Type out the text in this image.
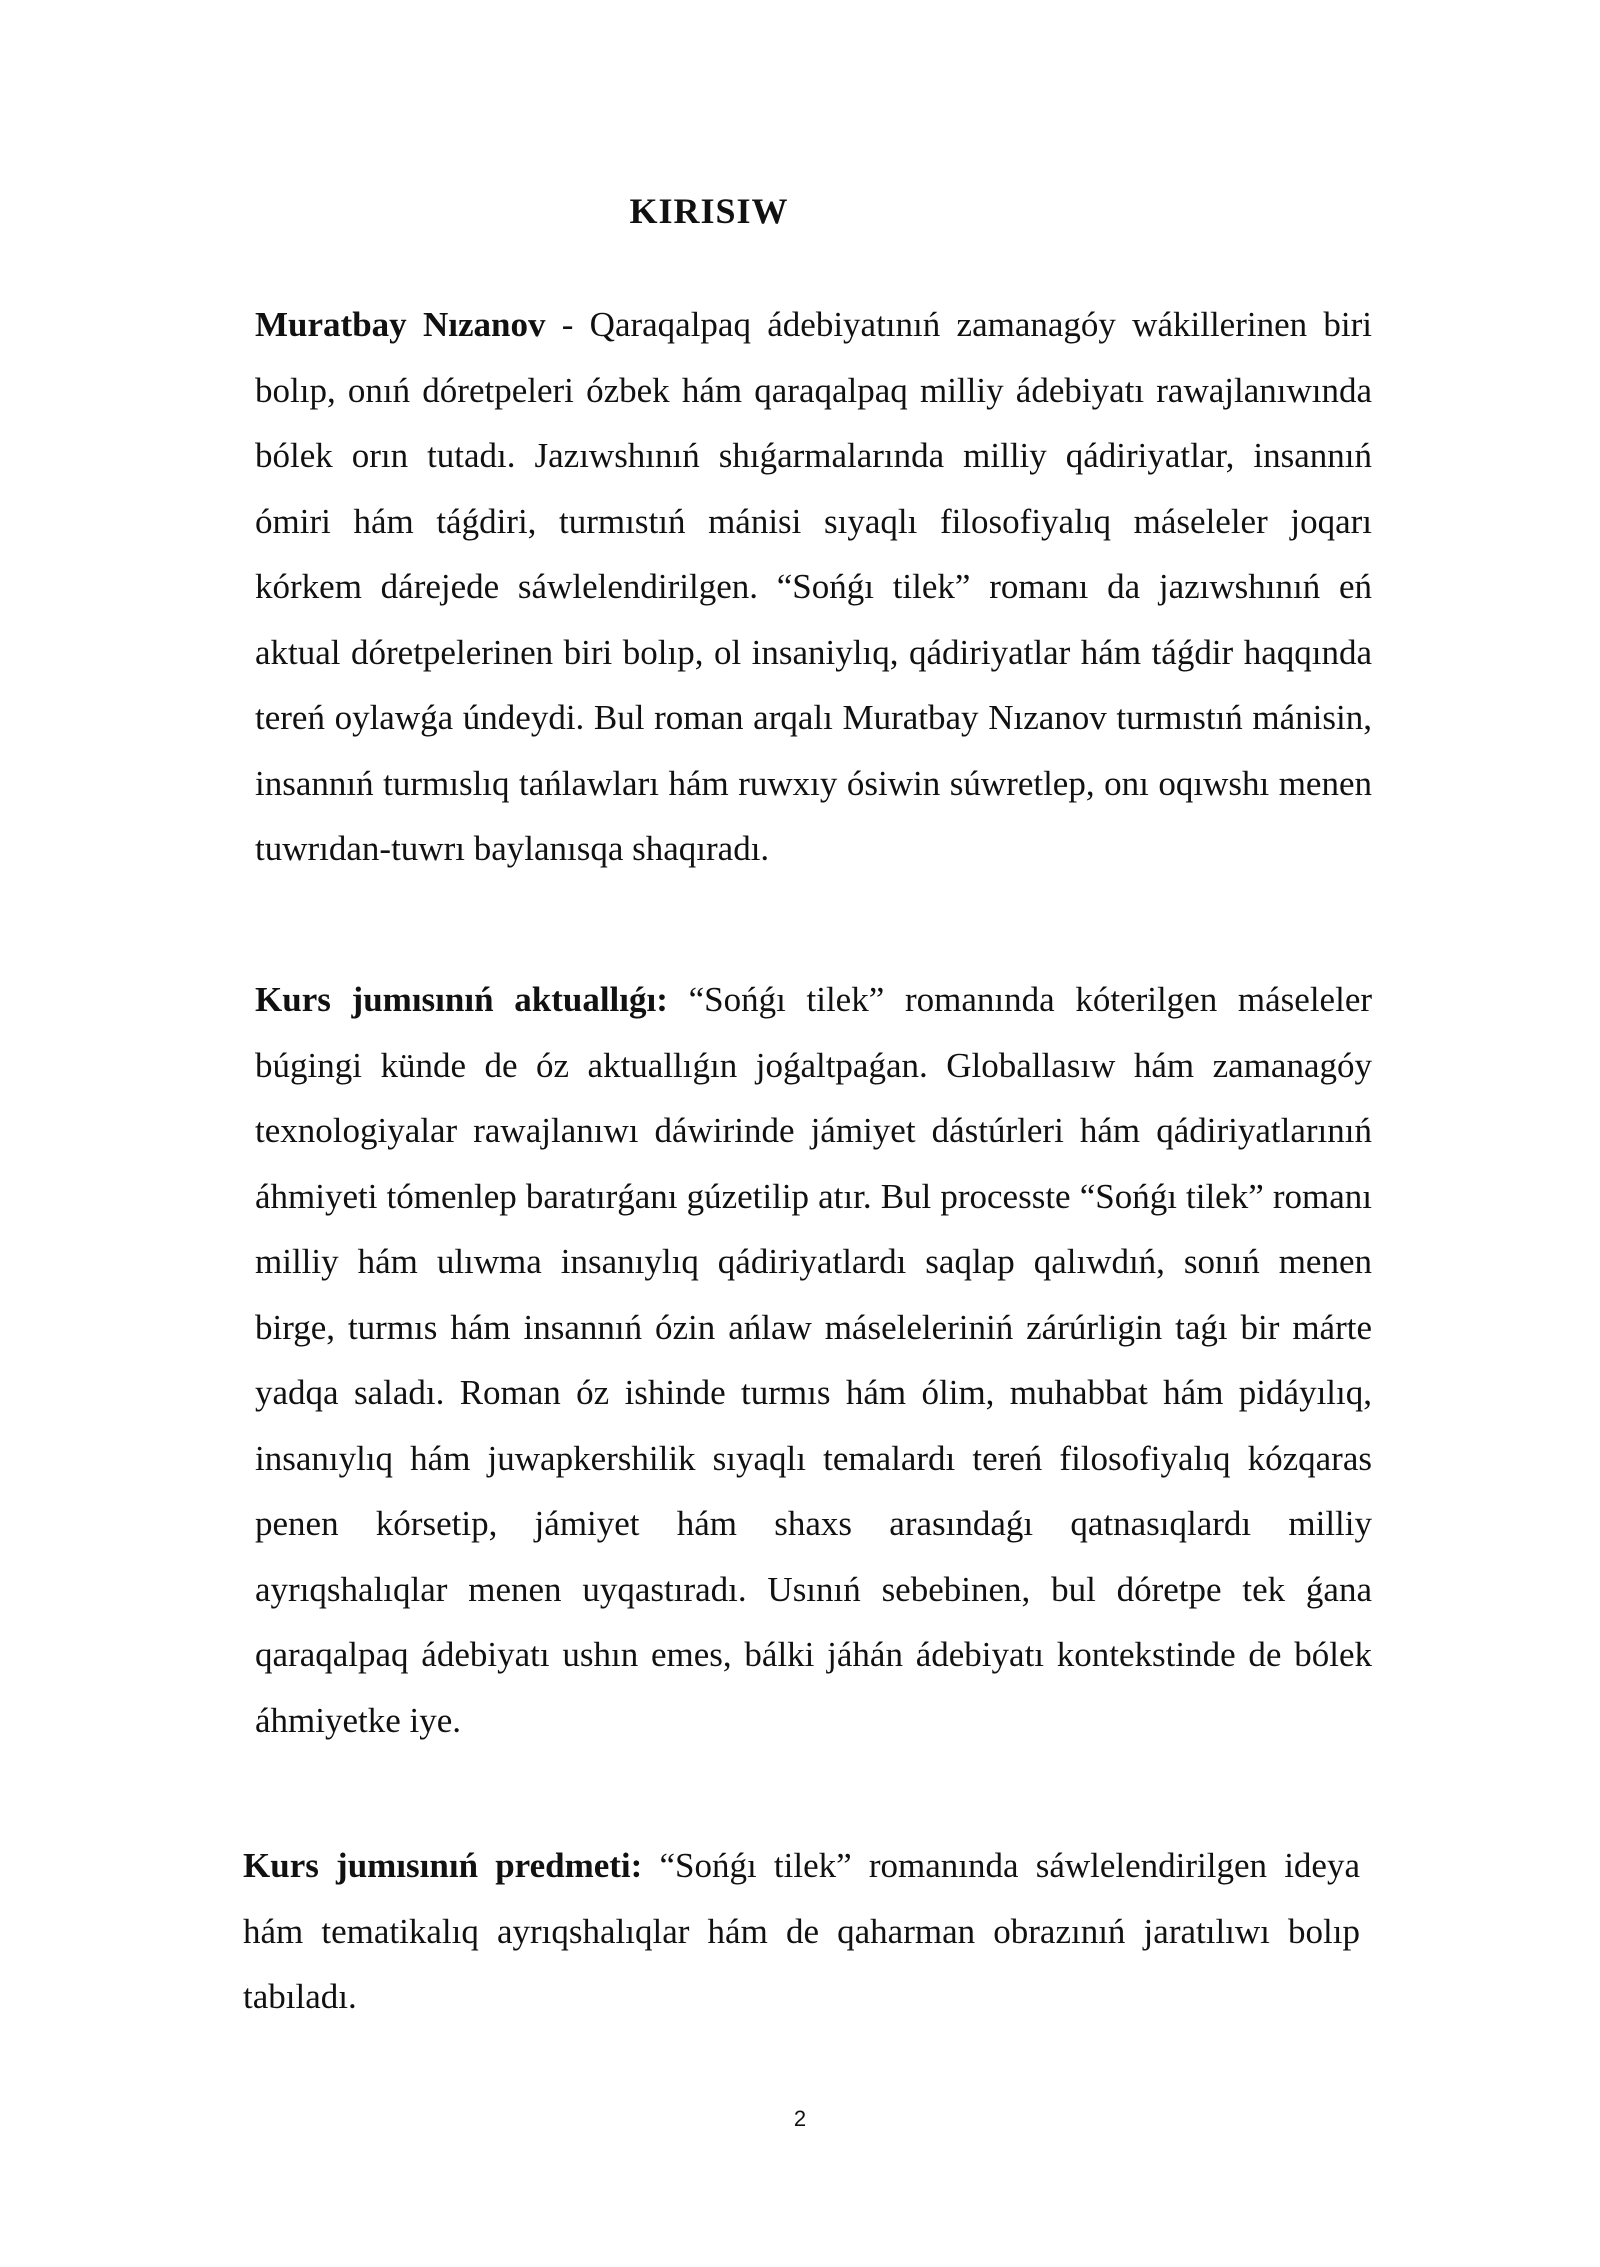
KIRISIW

Muratbay Nızanov - Qaraqalpaq ádebiyatınıń zamanagóy wákillerinen biri bolıp, onıń dóretpeleri ózbek hám qaraqalpaq milliy ádebiyatı rawajlanıwında bólek orın tutadı. Jazıwshınıń shıǵarmalarında milliy qádiriyatlar, insannıń ómiri hám táǵdiri, turmıstıń mánisi sıyaqlı filosofiyalıq máseleler joqarı kórkem dárejede sáwlelendirilgen. “Sońǵı tilek” romanı da jazıwshınıń eń aktual dóretpelerinen biri bolıp, ol insaniylıq, qádiriyatlar hám táǵdir haqqında tereń oylawǵa úndeydi. Bul roman arqalı Muratbay Nızanov turmıstıń mánisin, insannıń turmıslıq tańlawları hám ruwxıy ósiwin súwretlep, onı oqıwshı menen tuwrıdan-tuwrı baylanısqa shaqıradı.

Kurs jumısınıń aktuallıǵı: “Sońǵı tilek” romanında kóterilgen máseleler búgingi künde de óz aktuallıǵın joǵaltpaǵan. Globallasıw hám zamanagóy texnologiyalar rawajlanıwı dáwirinde jámiyet dástúrleri hám qádiriyatlarınıń áhmiyeti tómenlep baratırǵanı gúzetilip atır. Bul processte “Sońǵı tilek” romanı milliy hám ulıwma insanıylıq qádiriyatlardı saqlap qalıwdıń, sonıń menen birge, turmıs hám insannıń ózin ańlaw máseleleriniń zárúrligin taǵı bir márte yadqa saladı. Roman óz ishinde turmıs hám ólim, muhabbat hám pidáyılıq, insanıylıq hám juwapkershilik sıyaqlı temalardı tereń filosofiyalıq kózqaras penen kórsetip, jámiyet hám shaxs arasındaǵı qatnasıqlardı milliy ayrıqshalıqlar menen uyqastıradı. Usınıń sebebinen, bul dóretpe tek ǵana qaraqalpaq ádebiyatı ushın emes, bálki jáhán ádebiyatı kontekstinde de bólek áhmiyetke iye.

Kurs jumısınıń predmeti: “Sońǵı tilek” romanında sáwlelendirilgen ideya hám tematikalıq ayrıqshalıqlar hám de qaharman obrazınıń jaratılıwı bolıp tabıladı.

2
